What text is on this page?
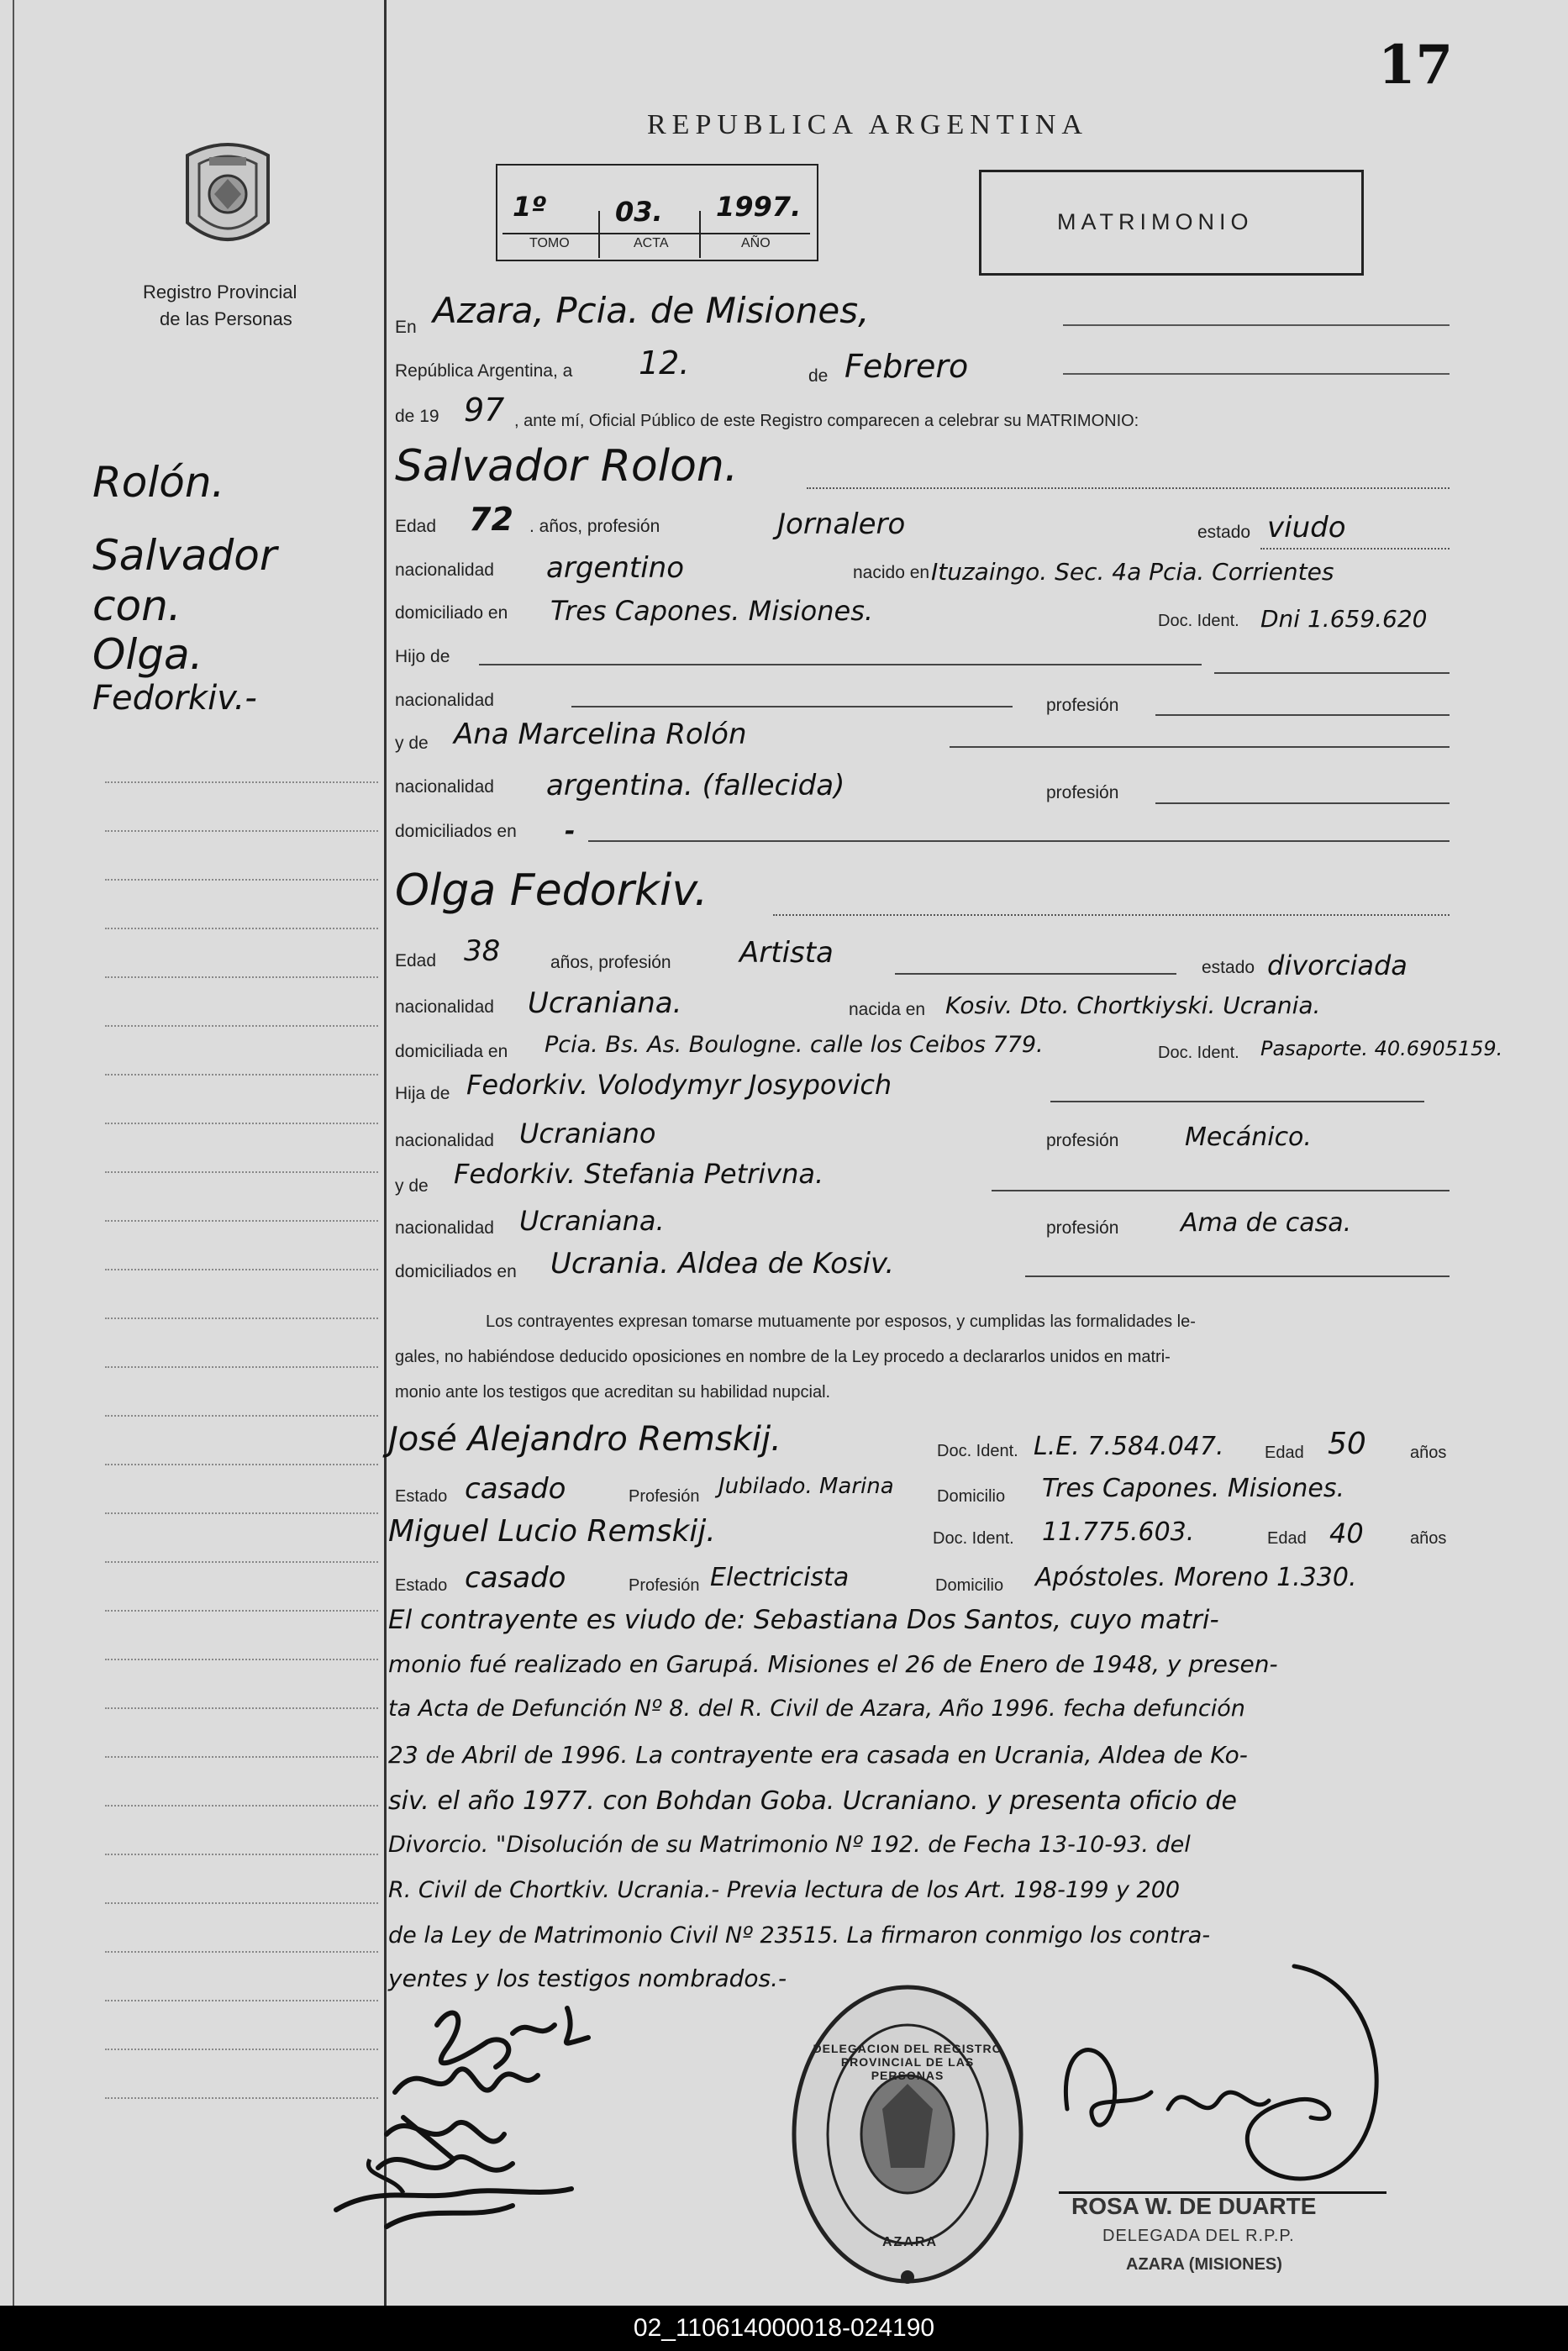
17
REPUBLICA ARGENTINA
Registro Provincial
de las Personas
1º	03. 1997.
TOMO	ACTA	AÑO
MATRIMONIO
Rolón.
Salvador
con.
Olga.
Fedorkiv.-
En Azara, Pcia. de Misiones,
República Argentina, a 12.	de Febrero
de 19 97 , ante mí, Oficial Público de este Registro comparecen a celebrar su MATRIMONIO:
Salvador Rolon.
Edad 72 . años, profesión	Jornalero	estado viudo
nacionalidad argentino	nacido en Ituzaingo. Sec. 4a Pcia. Corrientes
domiciliado en Tres Capones. Misiones.	Doc. Ident. Dni 1.659.620
Hijo de
nacionalidad	profesión
y de Ana Marcelina Rolón
nacionalidad argentina. (fallecida)	profesión
domiciliados en -
Olga Fedorkiv.
Edad 38	años, profesión Artista	estado divorciada
nacionalidad Ucraniana.	nacida en Kosiv. Dto. Chortkiyski. Ucrania.
domiciliada en Pcia. Bs. As. Boulogne. calle los Ceibos 779.	Doc. Ident. Pasaporte. 40.6905159.
Hija de Fedorkiv. Volodymyr Josypovich
nacionalidad Ucraniano	profesión	Mecánico.
y de Fedorkiv. Stefania Petrivna.
nacionalidad Ucraniana.	profesión Ama de casa.
domiciliados en Ucrania. Aldea de Kosiv.
Los contrayentes expresan tomarse mutuamente por esposos, y cumplidas las formalidades le-
gales, no habiéndose deducido oposiciones en nombre de la Ley procedo a declararlos unidos en matri-
monio ante los testigos que acreditan su habilidad nupcial.
José Alejandro Remskij.	Doc. Ident. L.E. 7.584.047. Edad 50	años
Estado casado	Profesión Jubilado. Marina	Domicilio Tres Capones. Misiones.
Miguel Lucio Remskij.	Doc. Ident. 11.775.603.	Edad 40	años
Estado casado	Profesión Electricista	Domicilio Apóstoles. Moreno 1.330.
El contrayente es viudo de: Sebastiana Dos Santos, cuyo matri-
monio fué realizado en Garupá. Misiones el 26 de Enero de 1948, y presen-
ta Acta de Defunción Nº 8. del R. Civil de Azara, Año 1996. fecha defunción
23 de Abril de 1996. La contrayente era casada en Ucrania, Aldea de Ko-
siv. el año 1977. con Bohdan Goba. Ucraniano. y presenta oficio de
Divorcio. "Disolución de su Matrimonio Nº 192. de Fecha 13-10-93. del
R. Civil de Chortkiv. Ucrania.- Previa lectura de los Art. 198-199 y 200
de la Ley de Matrimonio Civil Nº 23515. La firmaron conmigo los contra-
yentes y los testigos nombrados.-
DELEGACION DEL REGISTRO PROVINCIAL DE LAS PERSONAS
AZARA
ROSA W. DE DUARTE
DELEGADA DEL R.P.P.
AZARA (MISIONES)
02_110614000018-024190
